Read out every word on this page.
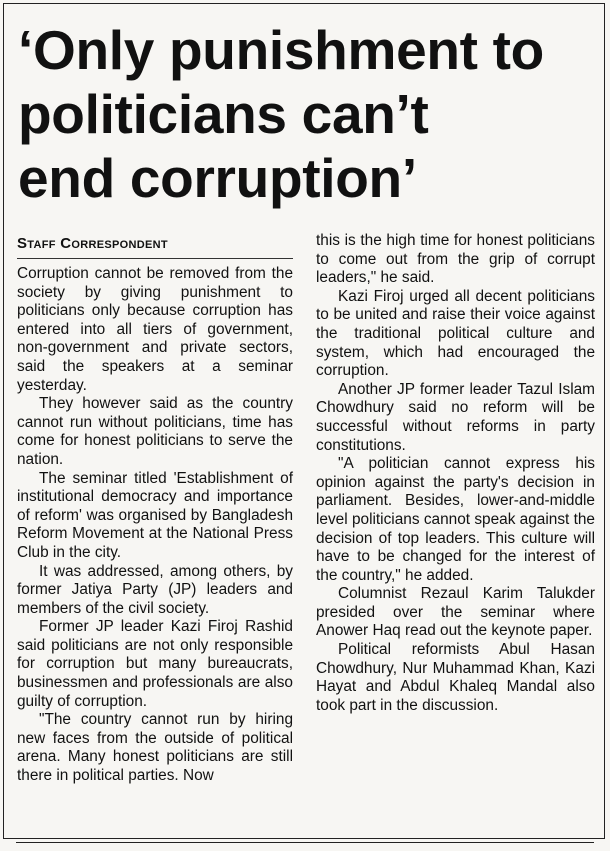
‘Only punishment to
politicians can’t
end corruption’
Staff Correspondent

Corruption cannot be removed from the society by giving punishment to politicians only because corruption has entered into all tiers of government, non-government and private sectors, said the speakers at a seminar yesterday.

They however said as the country cannot run without politicians, time has come for honest politicians to serve the nation.

The seminar titled 'Establishment of institutional democracy and importance of reform' was organised by Bangladesh Reform Movement at the National Press Club in the city.

It was addressed, among others, by former Jatiya Party (JP) leaders and members of the civil society.

Former JP leader Kazi Firoj Rashid said politicians are not only responsible for corruption but many bureaucrats, businessmen and professionals are also guilty of corruption.

"The country cannot run by hiring new faces from the outside of political arena. Many honest politicians are still there in political parties. Now

this is the high time for honest politicians to come out from the grip of corrupt leaders," he said.

Kazi Firoj urged all decent politicians to be united and raise their voice against the traditional political culture and system, which had encouraged the corruption.

Another JP former leader Tazul Islam Chowdhury said no reform will be successful without reforms in party constitutions.

"A politician cannot express his opinion against the party's decision in parliament. Besides, lower-and-middle level politicians cannot speak against the decision of top leaders. This culture will have to be changed for the interest of the country," he added.

Columnist Rezaul Karim Talukder presided over the seminar where Anower Haq read out the keynote paper.

Political reformists Abul Hasan Chowdhury, Nur Muhammad Khan, Kazi Hayat and Abdul Khaleq Mandal also took part in the discussion.
